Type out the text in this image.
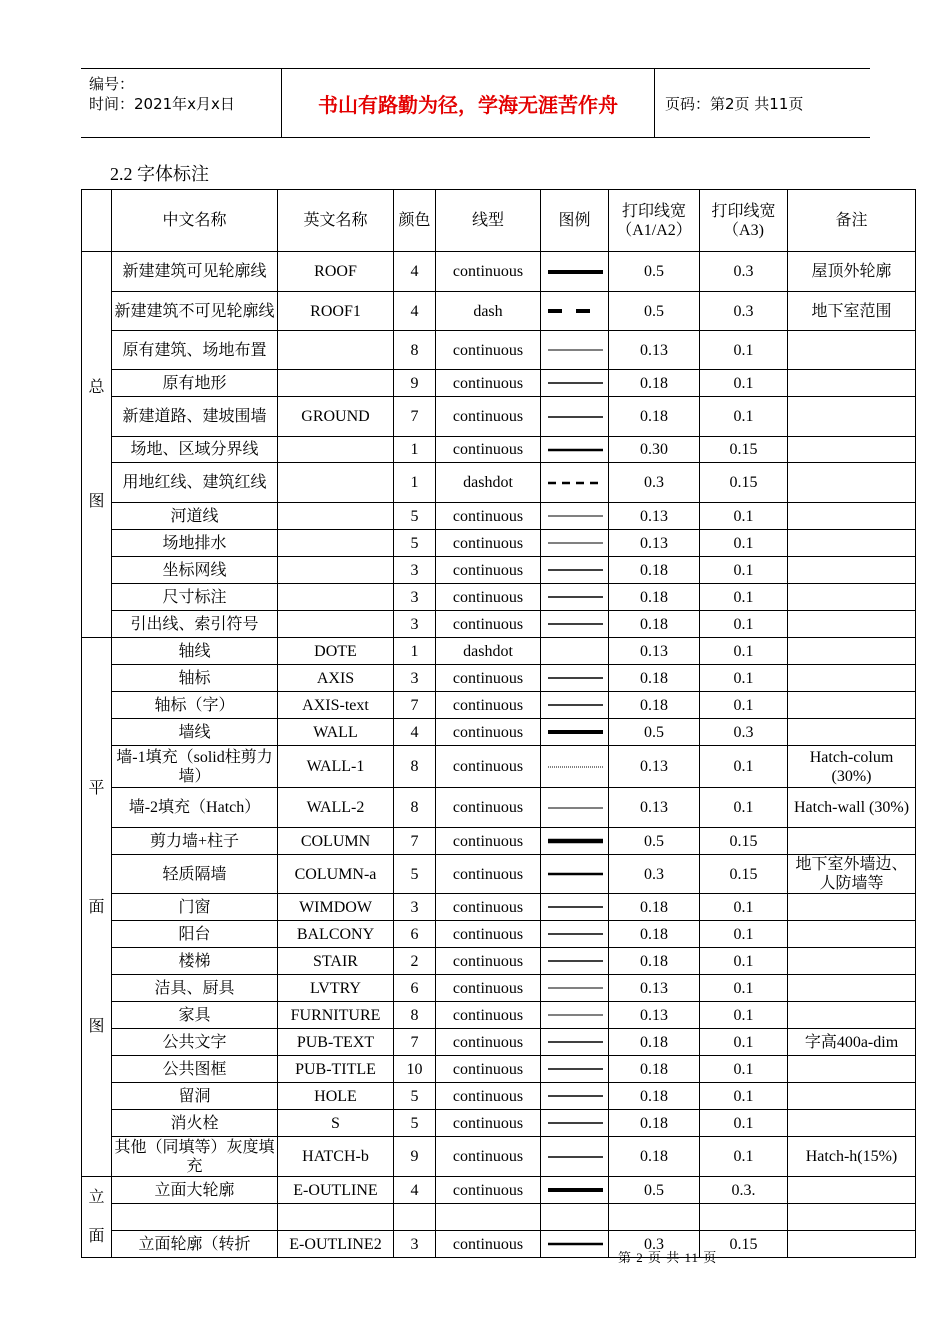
编号：
时间：2021年x月x日	书山有路勤为径，学海无涯苦作舟	页码：第2页 共11页
2.2 字体标注
	中文名称	英文名称	颜色	线型	图例	打印线宽（A1/A2）	打印线宽（A3)	备注

总
图	新建建筑可见轮廓线	ROOF	4	continuous		0.5	0.3	屋顶外轮廓
	新建建筑不可见轮廓线	ROOF1	4	dash		0.5	0.3	地下室范围
	原有建筑、场地布置		8	continuous		0.13	0.1	
	原有地形		9	continuous		0.18	0.1	
	新建道路、建坡围墙	GROUND	7	continuous		0.18	0.1	
	场地、区域分界线		1	continuous		0.30	0.15	
	用地红线、建筑红线		1	dashdot		0.3	0.15	
	河道线		5	continuous		0.13	0.1	
	场地排水		5	continuous		0.13	0.1	
	坐标网线		3	continuous		0.18	0.1	
	尺寸标注		3	continuous		0.18	0.1	
	引出线、索引符号		3	continuous		0.18	0.1	

平
面
图	轴线	DOTE	1	dashdot		0.13	0.1	
	轴标	AXIS	3	continuous		0.18	0.1	
	轴标（字）	AXIS-text	7	continuous		0.18	0.1	
	墙线	WALL	4	continuous		0.5	0.3	
	墙-1填充（solid柱剪力墙）	WALL-1	8	continuous		0.13	0.1	Hatch-colum (30%)
	墙-2填充（Hatch）	WALL-2	8	continuous		0.13	0.1	Hatch-wall (30%)
	剪力墙+柱子	COLUMN	7	continuous		0.5	0.15	
	轻质隔墙	COLUMN-a	5	continuous		0.3	0.15	地下室外墙边、人防墙等
	门窗	WIMDOW	3	continuous		0.18	0.1	
	阳台	BALCONY	6	continuous		0.18	0.1	
	楼梯	STAIR	2	continuous		0.18	0.1	
	洁具、厨具	LVTRY	6	continuous		0.13	0.1	
	家具	FURNITURE	8	continuous		0.13	0.1	
	公共文字	PUB-TEXT	7	continuous		0.18	0.1	字高400a-dim
	公共图框	PUB-TITLE	10	continuous		0.18	0.1	
	留洞	HOLE	5	continuous		0.18	0.1	
	消火栓	S	5	continuous		0.18	0.1	
	其他（同填等）灰度填充	HATCH-b	9	continuous		0.18	0.1	Hatch-h(15%)

立
面	立面大轮廓	E-OUTLINE	4	continuous		0.5	0.3.	

	立面轮廓（转折	E-OUTLINE2	3	continuous		0.3	0.15	
第 2 页 共 11 页
